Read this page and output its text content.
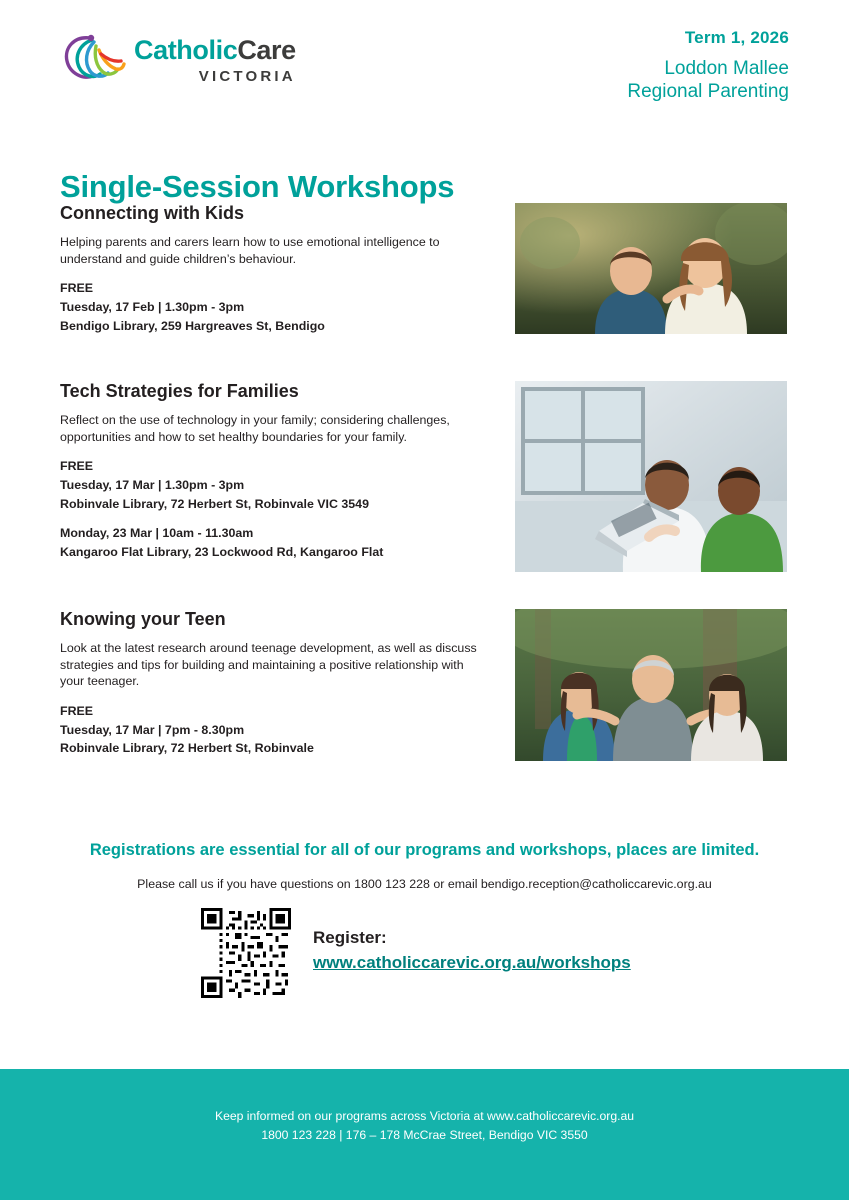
CatholicCare
VICTORIA
Term 1, 2026
Loddon Mallee
Regional Parenting
Single-Session Workshops
Connecting with Kids

Helping parents and carers learn how to use emotional intelligence to understand and guide children’s behaviour.

FREE
Tuesday, 17 Feb | 1.30pm - 3pm
Bendigo Library, 259 Hargreaves St, Bendigo
Tech Strategies for Families

Reflect on the use of technology in your family; considering challenges, opportunities and how to set healthy boundaries for your family.

FREE
Tuesday, 17 Mar | 1.30pm - 3pm
Robinvale Library, 72 Herbert St, Robinvale VIC 3549
Monday, 23 Mar | 10am - 11.30am
Kangaroo Flat Library, 23 Lockwood Rd, Kangaroo Flat
Knowing your Teen

Look at the latest research around teenage development, as well as discuss strategies and tips for building and maintaining a positive relationship with your teenager.

FREE
Tuesday, 17 Mar | 7pm - 8.30pm
Robinvale Library, 72 Herbert St, Robinvale
Registrations are essential for all of our programs and workshops, places are limited.
Please call us if you have questions on 1800 123 228 or email bendigo.reception@catholiccarevic.org.au
Register:
www.catholiccarevic.org.au/workshops
Keep informed on our programs across Victoria at www.catholiccarevic.org.au
1800 123 228 | 176 – 178 McCrae Street, Bendigo VIC 3550
